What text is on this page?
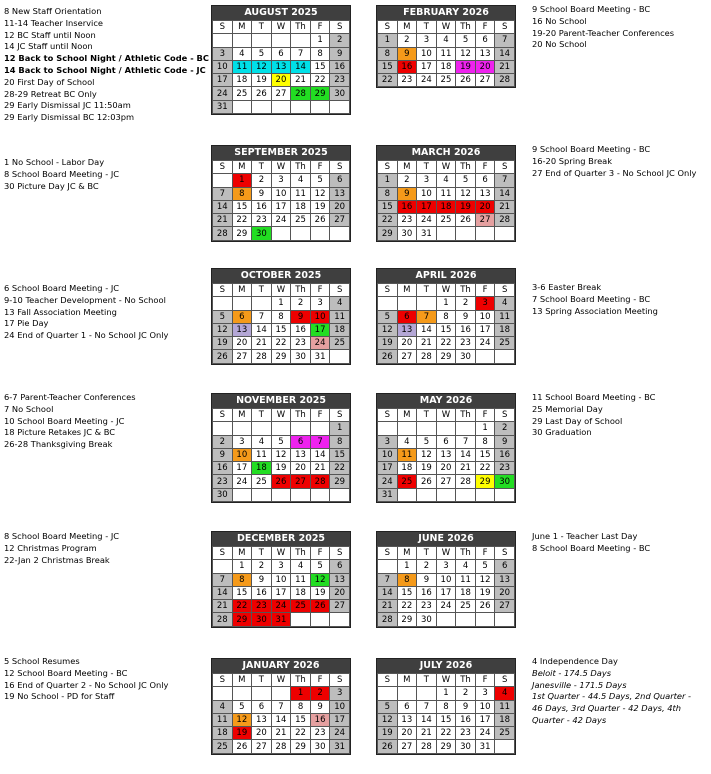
AUGUST 2025
S	M	T	W	Th	F	S
					1	2
3	4	5	6	7	8	9
10	11	12	13	14	15	16
17	18	19	20	21	22	23
24	25	26	27	28	29	30
31						
FEBRUARY 2026
S	M	T	W	Th	F	S
1	2	3	4	5	6	7
8	9	10	11	12	13	14
15	16	17	18	19	20	21
22	23	24	25	26	27	28
SEPTEMBER 2025
S	M	T	W	Th	F	S
	1	2	3	4	5	6
7	8	9	10	11	12	13
14	15	16	17	18	19	20
21	22	23	24	25	26	27
28	29	30				
MARCH 2026
S	M	T	W	Th	F	S
1	2	3	4	5	6	7
8	9	10	11	12	13	14
15	16	17	18	19	20	21
22	23	24	25	26	27	28
29	30	31				
OCTOBER 2025
S	M	T	W	Th	F	S
			1	2	3	4
5	6	7	8	9	10	11
12	13	14	15	16	17	18
19	20	21	22	23	24	25
26	27	28	29	30	31	
APRIL 2026
S	M	T	W	Th	F	S
			1	2	3	4
5	6	7	8	9	10	11
12	13	14	15	16	17	18
19	20	21	22	23	24	25
26	27	28	29	30		
NOVEMBER 2025
S	M	T	W	Th	F	S
						1
2	3	4	5	6	7	8
9	10	11	12	13	14	15
16	17	18	19	20	21	22
23	24	25	26	27	28	29
30						
MAY 2026
S	M	T	W	Th	F	S
					1	2
3	4	5	6	7	8	9
10	11	12	13	14	15	16
17	18	19	20	21	22	23
24	25	26	27	28	29	30
31						
DECEMBER 2025
S	M	T	W	Th	F	S
	1	2	3	4	5	6
7	8	9	10	11	12	13
14	15	16	17	18	19	20
21	22	23	24	25	26	27
28	29	30	31			
JUNE 2026
S	M	T	W	Th	F	S
	1	2	3	4	5	6
7	8	9	10	11	12	13
14	15	16	17	18	19	20
21	22	23	24	25	26	27
28	29	30				
JANUARY 2026
S	M	T	W	Th	F	S
				1	2	3
4	5	6	7	8	9	10
11	12	13	14	15	16	17
18	19	20	21	22	23	24
25	26	27	28	29	30	31
JULY 2026
S	M	T	W	Th	F	S
			1	2	3	4
5	6	7	8	9	10	11
12	13	14	15	16	17	18
19	20	21	22	23	24	25
26	27	28	29	30	31	
8 New Staff Orientation
11-14 Teacher Inservice
12 BC Staff until Noon
14 JC Staff until Noon
12 Back to School Night / Athletic Code - BC
14 Back to School Night / Athletic Code - JC
20 First Day of School
28-29 Retreat BC Only
29 Early Dismissal JC 11:50am
29 Early Dismissal BC 12:03pm
9 School Board Meeting - BC
16 No School
19-20 Parent-Teacher Conferences
20 No School
1 No School - Labor Day
8 School Board Meeting - JC
30 Picture Day JC & BC
9 School Board Meeting - BC
16-20 Spring Break
27 End of Quarter 3 - No School JC Only
6 School Board Meeting - JC
9-10 Teacher Development - No School
13 Fall Association Meeting
17 Pie Day
24 End of Quarter 1 - No School JC Only
3-6 Easter Break
7 School Board Meeting - BC
13 Spring Association Meeting
6-7 Parent-Teacher Conferences
7 No School
10 School Board Meeting - JC
18 Picture Retakes JC & BC
26-28 Thanksgiving Break
11 School Board Meeting - BC
25 Memorial Day
29 Last Day of School
30 Graduation
8 School Board Meeting - JC
12 Christmas Program
22-Jan 2 Christmas Break
June 1 - Teacher Last Day
8 School Board Meeting - BC
5 School Resumes
12 School Board Meeting - BC
16 End of Quarter 2 - No School JC Only
19 No School - PD for Staff
4 Independence Day
Beloit - 174.5 Days
Janesville - 171.5 Days
1st Quarter - 44.5 Days, 2nd Quarter - 46 Days, 3rd Quarter - 42 Days, 4th Quarter - 42 Days
